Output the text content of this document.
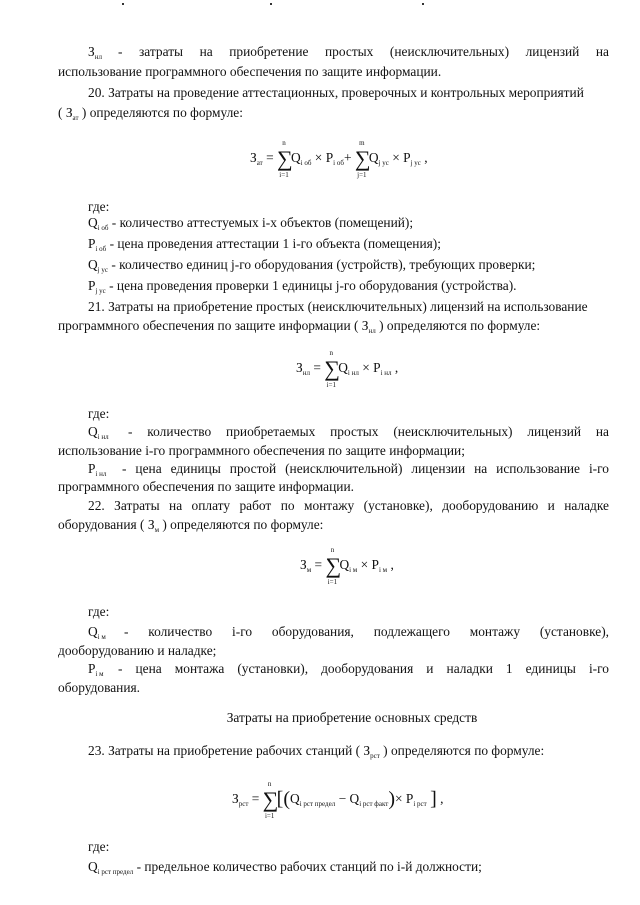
$З_{нл}$ - затраты на приобретение простых (неисключительных) лицензий на
использование программного обеспечения по защите информации.
20. Затраты на проведение аттестационных, проверочных и контрольных мероприятий
( $З_{ат}$ ) определяются по формуле:
$З_{ат}$ =
n
∑
i=1
$Q_{i об} \times P_{i об}+$
m
∑
j=1
$Q_{j ус} \times P_{j ус}$ ,
где:
$Q_{i об}$ - количество аттестуемых i-х объектов (помещений);
$P_{i об}$ - цена проведения аттестации 1 i-го объекта (помещения);
$Q_{j ус}$ - количество единиц j-го оборудования (устройств), требующих проверки;
$P_{j ус}$ - цена проведения проверки 1 единицы j-го оборудования (устройства).
21. Затраты на приобретение простых (неисключительных) лицензий на использование
программного обеспечения по защите информации ( $З_{нл}$ ) определяются по формуле:
$З_{нл}$ =
n
∑
i=1
$Q_{i нл} \times P_{i нл}$ ,
где:
$Q_{i нл}$ - количество приобретаемых простых (неисключительных) лицензий на
использование i-го программного обеспечения по защите информации;
$P_{i нл}$ - цена единицы простой (неисключительной) лицензии на использование i-го
программного обеспечения по защите информации.
22. Затраты на оплату работ по монтажу (установке), дооборудованию и наладке
оборудования ( $З_м$ ) определяются по формуле:
$З_м$ =
n
∑
i=1
$Q_{i м} \times P_{i м}$ ,
где:
$Q_{i м}$ - количество i-го оборудования, подлежащего монтажу (установке),
дооборудованию и наладке;
$P_{i м}$ - цена монтажа (установки), дооборудования и наладки 1 единицы i-го
оборудования.
Затраты на приобретение основных средств
23. Затраты на приобретение рабочих станций ( $З_{рст}$ ) определяются по формуле:
$З_{рст}$ =
n
∑
i=1
[$(Q_{i рст предел} - Q_{i рст факт})\times P_{i рст}$ ] ,
где:
$Q_{i рст предел}$ - предельное количество рабочих станций по i-й должности;
